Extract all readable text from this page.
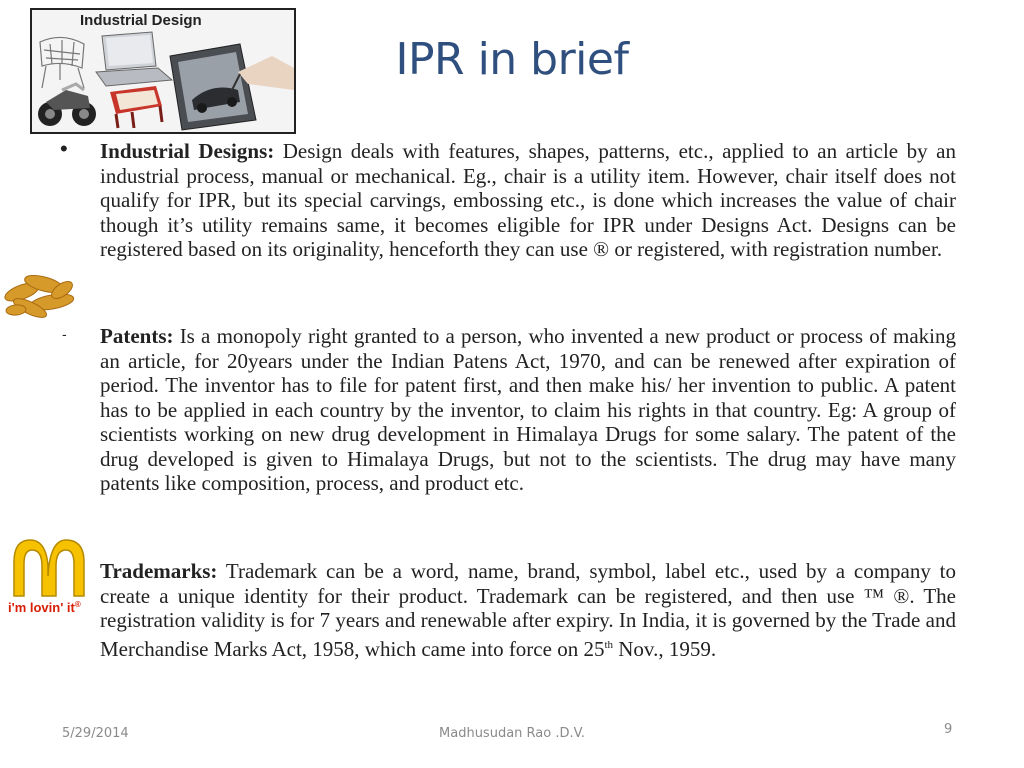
IPR in brief
Industrial Design
i'm lovin' it®
• Industrial Designs: Design deals with features, shapes, patterns, etc., applied to an article by an industrial process, manual or mechanical. Eg., chair is a utility item. However, chair itself does not qualify for IPR, but its special carvings, embossing etc., is done which increases the value of chair though it’s utility remains same, it becomes eligible for IPR under Designs Act. Designs can be registered based on its originality, henceforth they can use ® or registered, with registration number.
- Patents: Is a monopoly right granted to a person, who invented a new product or process of making an article, for 20years under the Indian Patens Act, 1970, and can be renewed after expiration of period. The inventor has to file for patent first, and then make his/ her invention to public. A patent has to be applied in each country by the inventor, to claim his rights in that country. Eg: A group of scientists working on new drug development in Himalaya Drugs for some salary. The patent of the drug developed is given to Himalaya Drugs, but not to the scientists. The drug may have many patents like composition, process, and product etc.
Trademarks: Trademark can be a word, name, brand, symbol, label etc., used by a company to create a unique identity for their product. Trademark can be registered, and then use ™ ®. The registration validity is for 7 years and renewable after expiry. In India, it is governed by the Trade and Merchandise Marks Act, 1958, which came into force on 25th Nov., 1959.
5/29/2014	Madhusudan Rao .D.V.	9
